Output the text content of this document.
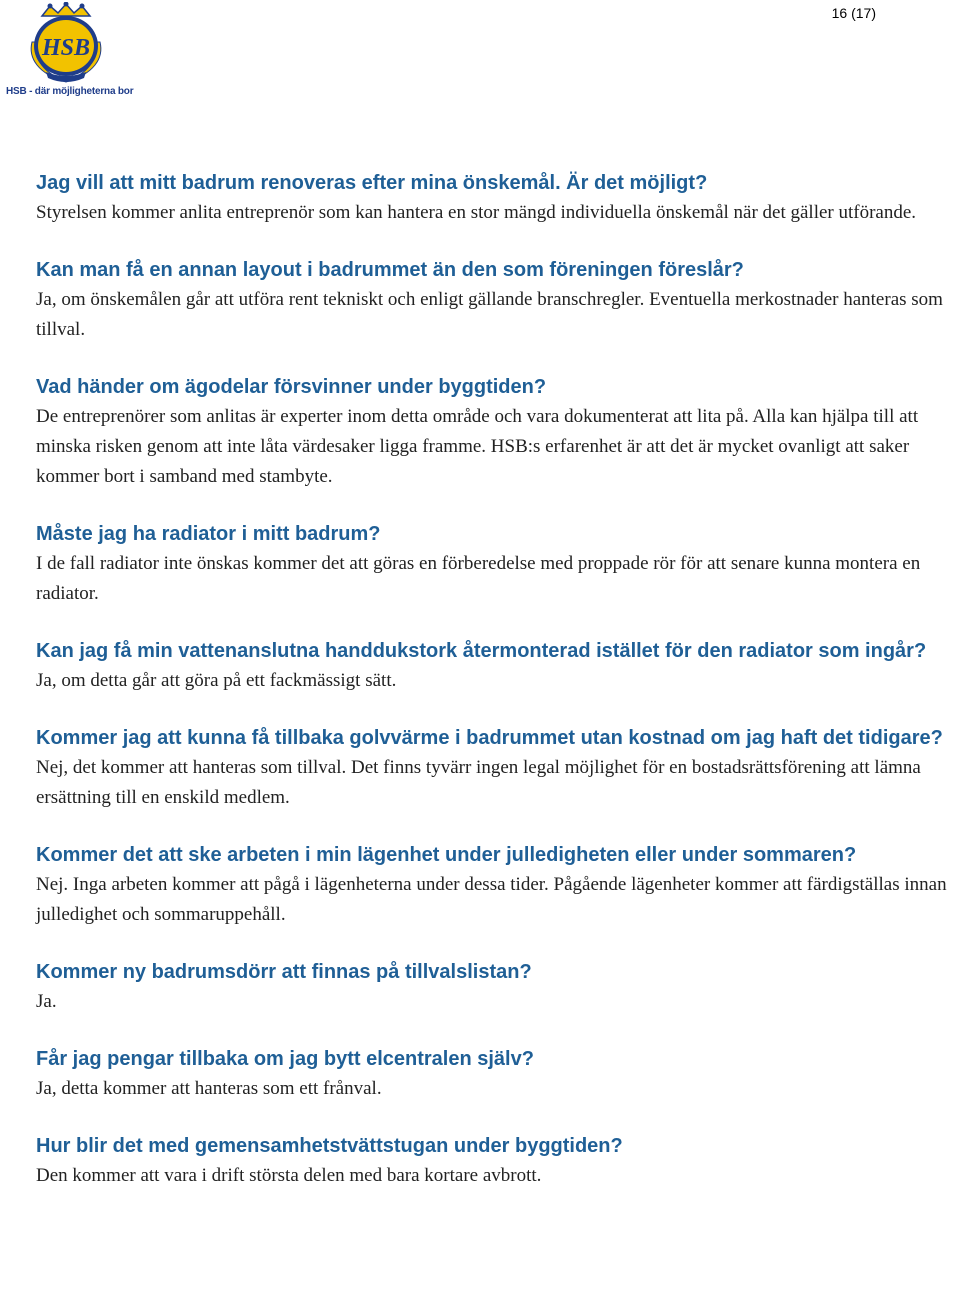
HSB
HSB - där möjligheterna bor
16 (17)

Jag vill att mitt badrum renoveras efter mina önskemål. Är det möjligt?

Styrelsen kommer anlita entreprenör som kan hantera en stor mängd individuella önskemål när det gäller utförande.

Kan man få en annan layout i badrummet än den som föreningen föreslår?

Ja, om önskemålen går att utföra rent tekniskt och enligt gällande branschregler. Eventuella merkostnader hanteras som tillval.

Vad händer om ägodelar försvinner under byggtiden?

De entreprenörer som anlitas är experter inom detta område och vara dokumenterat att lita på. Alla kan hjälpa till att minska risken genom att inte låta värdesaker ligga framme. HSB:s erfarenhet är att det är mycket ovanligt att saker kommer bort i samband med stambyte.

Måste jag ha radiator i mitt badrum?

I de fall radiator inte önskas kommer det att göras en förberedelse med proppade rör för att senare kunna montera en radiator.

Kan jag få min vattenanslutna handdukstork återmonterad istället för den radiator som ingår?

Ja, om detta går att göra på ett fackmässigt sätt.

Kommer jag att kunna få tillbaka golvvärme i badrummet utan kostnad om jag haft det tidigare?

Nej, det kommer att hanteras som tillval. Det finns tyvärr ingen legal möjlighet för en bostadsrättsförening att lämna ersättning till en enskild medlem.

Kommer det att ske arbeten i min lägenhet under julledigheten eller under sommaren?

Nej. Inga arbeten kommer att pågå i lägenheterna under dessa tider. Pågående lägenheter kommer att färdigställas innan julledighet och sommaruppehåll.

Kommer ny badrumsdörr att finnas på tillvalslistan?

Ja.

Får jag pengar tillbaka om jag bytt elcentralen själv?

Ja, detta kommer att hanteras som ett frånval.

Hur blir det med gemensamhetstvättstugan under byggtiden?

Den kommer att vara i drift största delen med bara kortare avbrott.
